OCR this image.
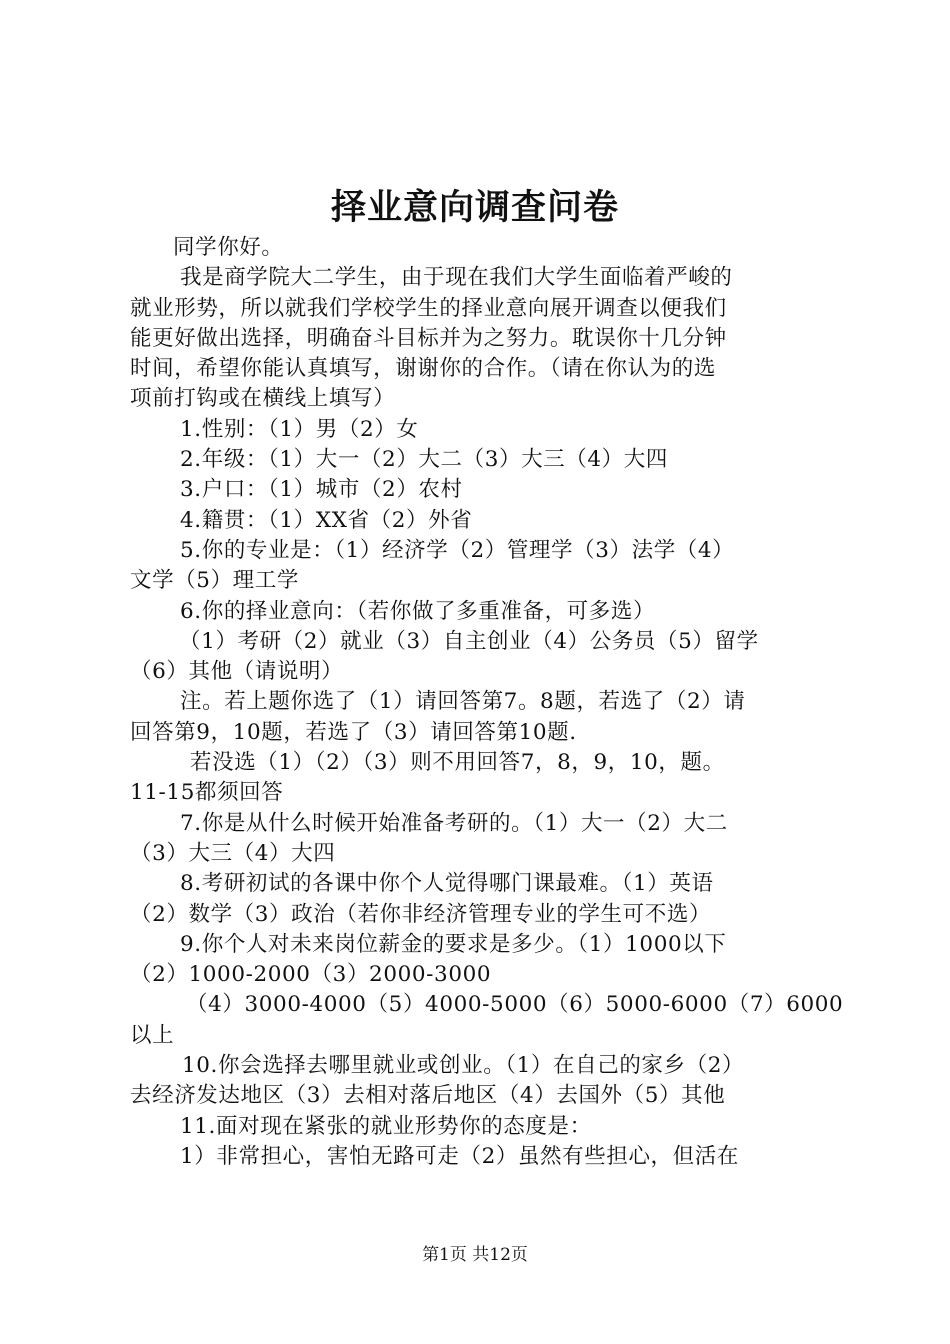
择业意向调查问卷
同学你好。
我是商学院大二学生，由于现在我们大学生面临着严峻的
就业形势，所以就我们学校学生的择业意向展开调查以便我们
能更好做出选择，明确奋斗目标并为之努力。耽误你十几分钟
时间，希望你能认真填写，谢谢你的合作。（请在你认为的选
项前打钩或在横线上填写）
1.性别：（1）男（2）女
2.年级：（1）大一（2）大二（3）大三（4）大四
3.户口：（1）城市（2）农村
4.籍贯：（1）XX省（2）外省
5.你的专业是：（1）经济学（2）管理学（3）法学（4）
文学（5）理工学
6.你的择业意向：（若你做了多重准备，可多选）
（1）考研（2）就业（3）自主创业（4）公务员（5）留学
（6）其他（请说明）
注。若上题你选了（1）请回答第7。8题，若选了（2）请
回答第9，10题，若选了（3）请回答第10题.
若没选（1）（2）（3）则不用回答7，8，9，10，题。
11-15都须回答
7.你是从什么时候开始准备考研的。（1）大一（2）大二
（3）大三（4）大四
8.考研初试的各课中你个人觉得哪门课最难。（1）英语
（2）数学（3）政治（若你非经济管理专业的学生可不选）
9.你个人对未来岗位薪金的要求是多少。（1）1000以下
（2）1000-2000（3）2000-3000
（4）3000-4000（5）4000-5000（6）5000-6000（7）6000
以上
10.你会选择去哪里就业或创业。（1）在自己的家乡（2）
去经济发达地区（3）去相对落后地区（4）去国外（5）其他
11.面对现在紧张的就业形势你的态度是：
1）非常担心，害怕无路可走（2）虽然有些担心，但活在
第1页 共12页
